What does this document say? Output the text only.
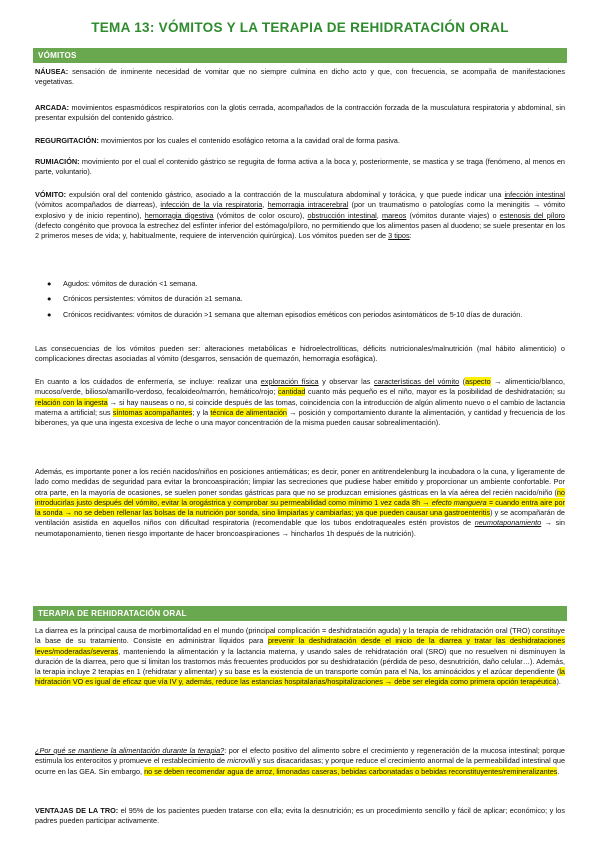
TEMA 13: VÓMITOS Y LA TERAPIA DE REHIDRATACIÓN ORAL
VÓMITOS

NÁUSEA: sensación de inminente necesidad de vomitar que no siempre culmina en dicho acto y que, con frecuencia, se acompaña de manifestaciones vegetativas.

ARCADA: movimientos espasmódicos respiratorios con la glotis cerrada, acompañados de la contracción forzada de la musculatura respiratoria y abdominal, sin presentar expulsión del contenido gástrico.

REGURGITACIÓN: movimientos por los cuales el contenido esofágico retorna a la cavidad oral de forma pasiva.

RUMIACIÓN: movimiento por el cual el contenido gástrico se regugita de forma activa a la boca y, posteriormente, se mastica y se traga (fenómeno, al menos en parte, voluntario).

VÓMITO: expulsión oral del contenido gástrico, asociado a la contracción de la musculatura abdominal y torácica, y que puede indicar una infección intestinal (vómitos acompañados de diarreas), infección de la vía respiratoria, hemorragia intracerebral (por un traumatismo o patologías como la meningitis → vómito explosivo y de inicio repentino), hemorragia digestiva (vómitos de color oscuro), obstrucción intestinal, mareos (vómitos durante viajes) o estenosis del píloro (defecto congénito que provoca la estrechez del esfínter inferior del estómago/píloro, no permitiendo que los alimentos pasen al duodeno; se suele presentar en los 2 primeros meses de vida; y, habitualmente, requiere de intervención quirúrgica). Los vómitos pueden ser de 3 tipos:

● Agudos: vómitos de duración <1 semana.
● Crónicos persistentes: vómitos de duración ≥1 semana.
● Crónicos recidivantes: vómitos de duración >1 semana que alternan episodios eméticos con periodos asintomáticos de 5-10 días de duración.

Las consecuencias de los vómitos pueden ser: alteraciones metabólicas e hidroelectrolíticas, déficits nutricionales/malnutrición (mal hábito alimenticio) o complicaciones directas asociadas al vómito (desgarros, sensación de quemazón, hemorragia esofágica).

En cuanto a los cuidados de enfermería, se incluye: realizar una exploración física y observar las características del vómito (aspecto → alimenticio/blanco, mucoso/verde, bilioso/amarillo-verdoso, fecaloideo/marrón, hemático/rojo; cantidad cuanto más pequeño es el niño, mayor es la posibilidad de deshidratación; su relación con la ingesta → si hay nauseas o no, si coincide después de las tomas, coincidencia con la introducción de algún alimento nuevo o el cambio de lactancia materna a artificial; sus síntomas acompañantes; y la técnica de alimentación → posición y comportamiento durante la alimentación, y cantidad y frecuencia de los biberones, ya que una ingesta excesiva de leche o una mayor concentración de la misma pueden causar sobrealimentación).

Además, es importante poner a los recién nacidos/niños en posiciones antiemáticas; es decir, poner en antitrendelenburg la incubadora o la cuna, y ligeramente de lado como medidas de seguridad para evitar la broncoaspiración; limpiar las secreciones que pudiese haber emitido y proporcionar un ambiente confortable. Por otra parte, en la mayoría de ocasiones, se suelen poner sondas gástricas para que no se produzcan emisiones gástricas en la vía aérea del recién nacido/niño (no introducirlas justo después del vómito, evitar la orogástrica y comprobar su permeabilidad como mínimo 1 vez cada 8h → efecto manguera = cuando entra aire por la sonda → no se deben rellenar las bolsas de la nutrición por sonda, sino limpiarlas y cambiarlas; ya que pueden causar una gastroenteritis) y se acompañarán de ventilación asistida en aquellos niños con dificultad respiratoria (recomendable que los tubos endotraqueales estén provistos de neumotaponamiento → sin neumotaponamiento, tienen riesgo importante de hacer broncoaspiraciones → hincharlos 1h después de la nutrición).

TERAPIA DE REHIDRATACIÓN ORAL

La diarrea es la principal causa de morbimortalidad en el mundo (principal complicación = deshidratación aguda) y la terapia de rehidratación oral (TRO) constituye la base de su tratamiento. Consiste en administrar líquidos para prevenir la deshidratación desde el inicio de la diarrea y tratar las deshidrataciones leves/moderadas/severas, manteniendo la alimentación y la lactancia materna, y usando sales de rehidratación oral (SRO) que no resuelven ni disminuyen la duración de la diarrea, pero que si limitan los trastornos más frecuentes producidos por su deshidratación (pérdida de peso, desnutrición, daño celular…). Además, la terapia incluye 2 terapias en 1 (rehidratar y alimentar) y su base es la existencia de un transporte común para el Na, los aminoácidos y el azúcar dependiente (la hidratación VO es igual de eficaz que vía IV y, además, reduce las estancias hospitalarias/hospitalizaciones → debe ser elegida como primera opción terapéutica).

¿Por qué se mantiene la alimentación durante la terapia?: por el efecto positivo del alimento sobre el crecimiento y regeneración de la mucosa intestinal; porque estimula los enterocitos y promueve el restablecimiento de microvilli y sus disacaridasas; y porque reduce el crecimiento anormal de la permeabilidad intestinal que ocurre en las GEA. Sin embargo, no se deben recomendar agua de arroz, limonadas caseras, bebidas carbonatadas o bebidas reconstituyentes/remineralizantes.

VENTAJAS DE LA TRO: el 95% de los pacientes pueden tratarse con ella; evita la desnutrición; es un procedimiento sencillo y fácil de aplicar; económico; y los padres pueden participar activamente.
